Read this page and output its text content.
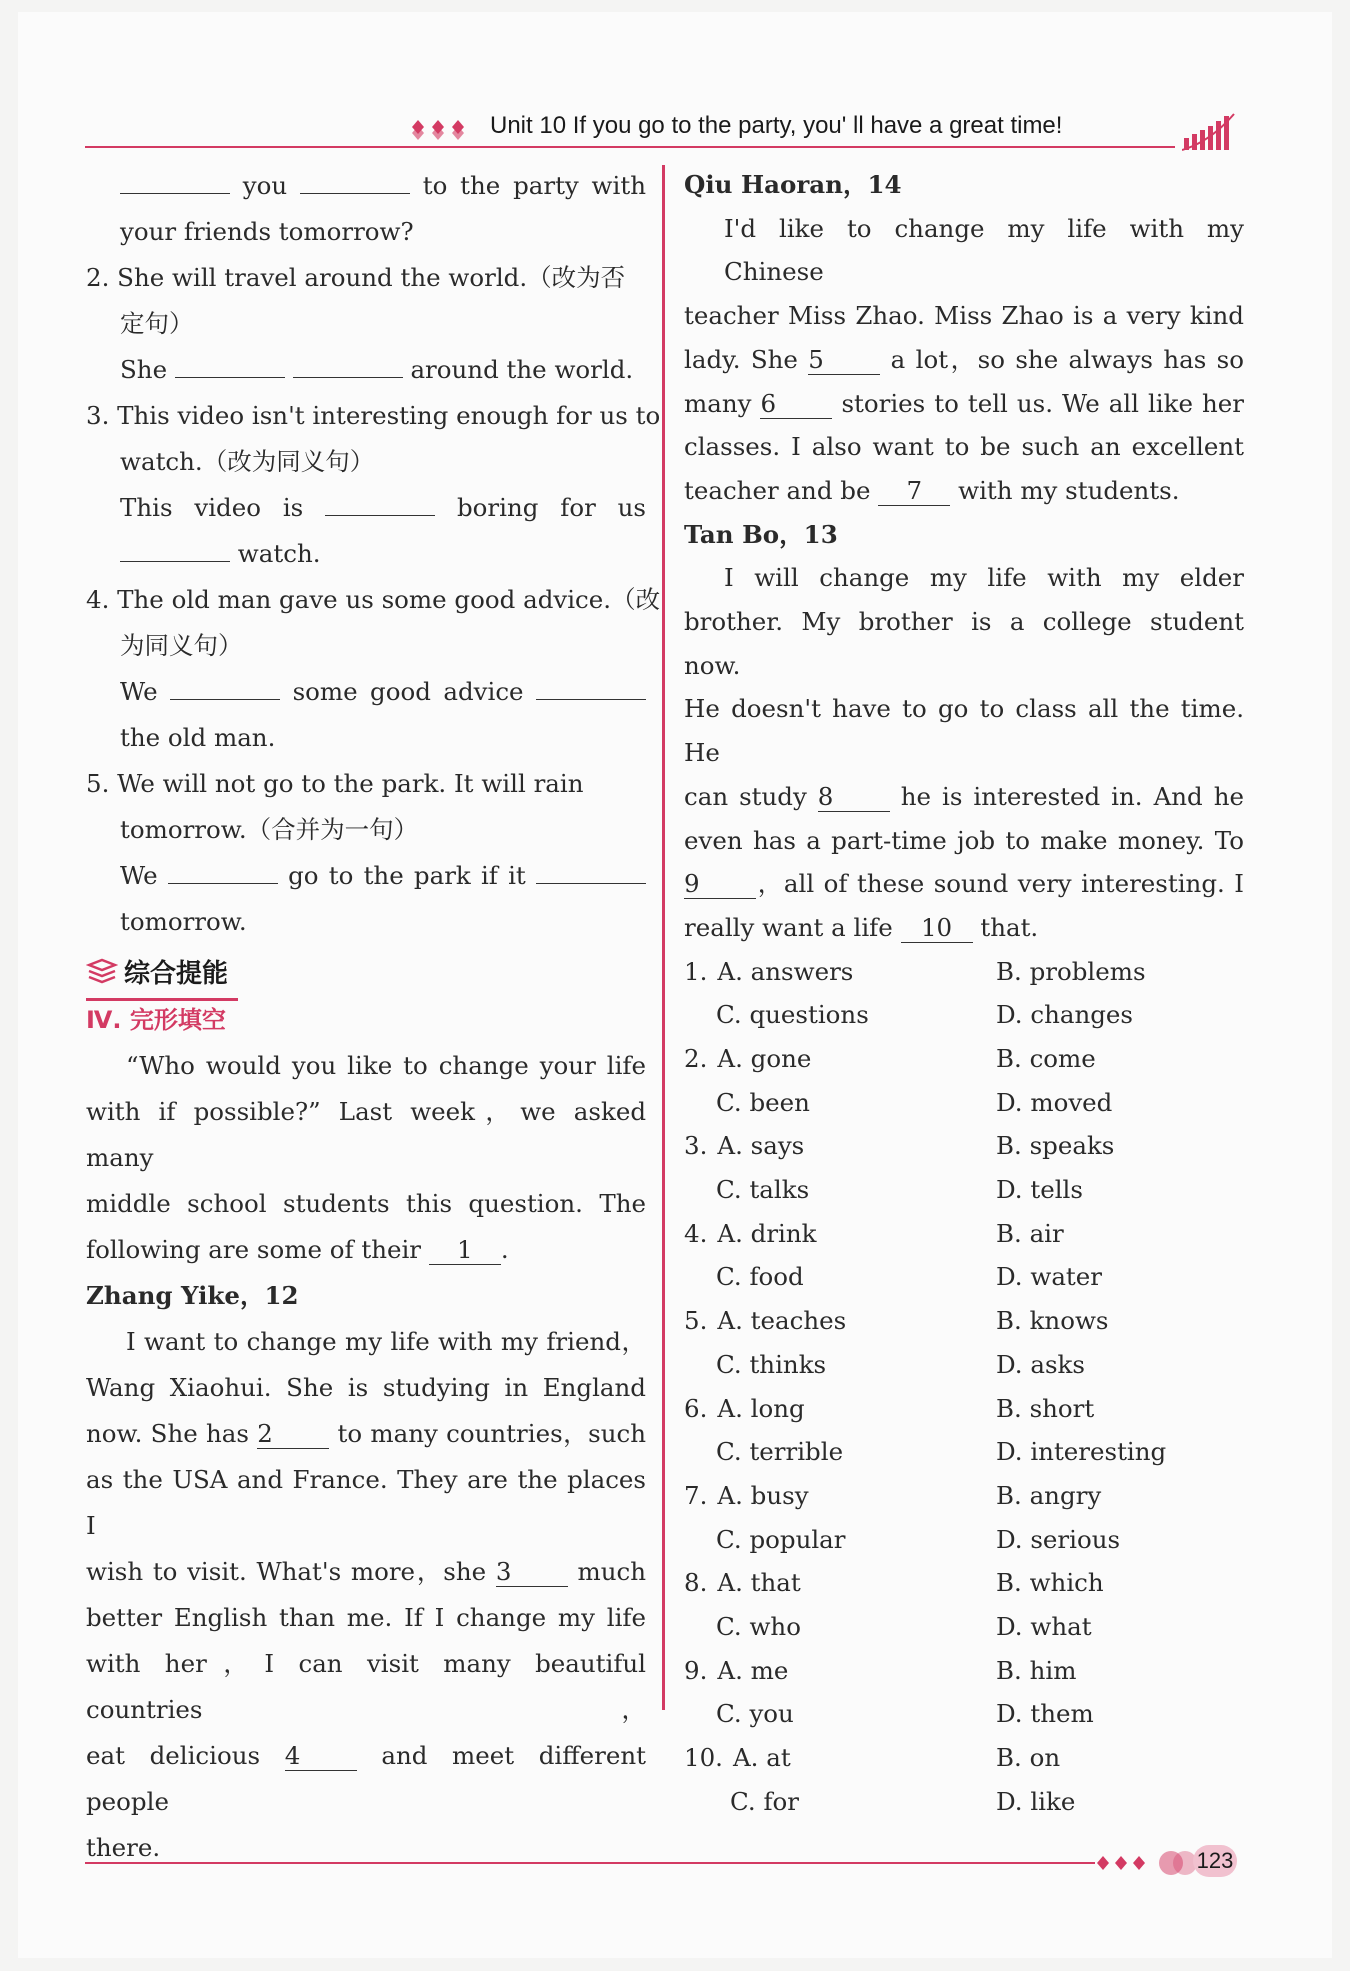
Unit 10 If you go to the party, you' ll have a great time!
you	to the party with
your friends tomorrow?
2. She will travel around the world.（改为否
定句）
She	around the world.
3. This video isn't interesting enough for us to
watch.（改为同义句）
This video is	boring for us
watch.
4. The old man gave us some good advice.（改
为同义句）
We	some good advice
the old man.
5. We will not go to the park. It will rain
tomorrow.（合并为一句）
We	go to the park if it
tomorrow.
综合提能
Ⅳ. 完形填空
“Who would you like to change your life
with if possible?” Last week，we asked many
middle school students this question. The
following are some of their 1 .
Zhang Yike，12
I want to change my life with my friend，
Wang Xiaohui. She is studying in England
now. She has 2	to many countries，such
as the USA and France. They are the places I
wish to visit. What's more，she 3	much
better English than me. If I change my life
with her，I can visit many beautiful countries，
eat delicious 4	and meet different people
there.
Qiu Haoran，14
I'd like to change my life with my Chinese
teacher Miss Zhao. Miss Zhao is a very kind
lady. She 5	a lot，so she always has so
many 6	stories to tell us. We all like her
classes. I also want to be such an excellent
teacher and be 7 with my students.
Tan Bo，13
I will change my life with my elder
brother. My brother is a college student now.
He doesn't have to go to class all the time. He
can study 8	he is interested in. And he
even has a part-time job to make money. To
9 ，all of these sound very interesting. I
really want a life 10 that.
1. A. answers	B. problems
C. questions	D. changes
2. A. gone	B. come
C. been	D. moved
3. A. says	B. speaks
C. talks	D. tells
4. A. drink	B. air
C. food	D. water
5. A. teaches	B. knows
C. thinks	D. asks
6. A. long	B. short
C. terrible	D. interesting
7. A. busy	B. angry
C. popular	D. serious
8. A. that	B. which
C. who	D. what
9. A. me	B. him
C. you	D. them
10. A. at	B. on
C. for	D. like
123
